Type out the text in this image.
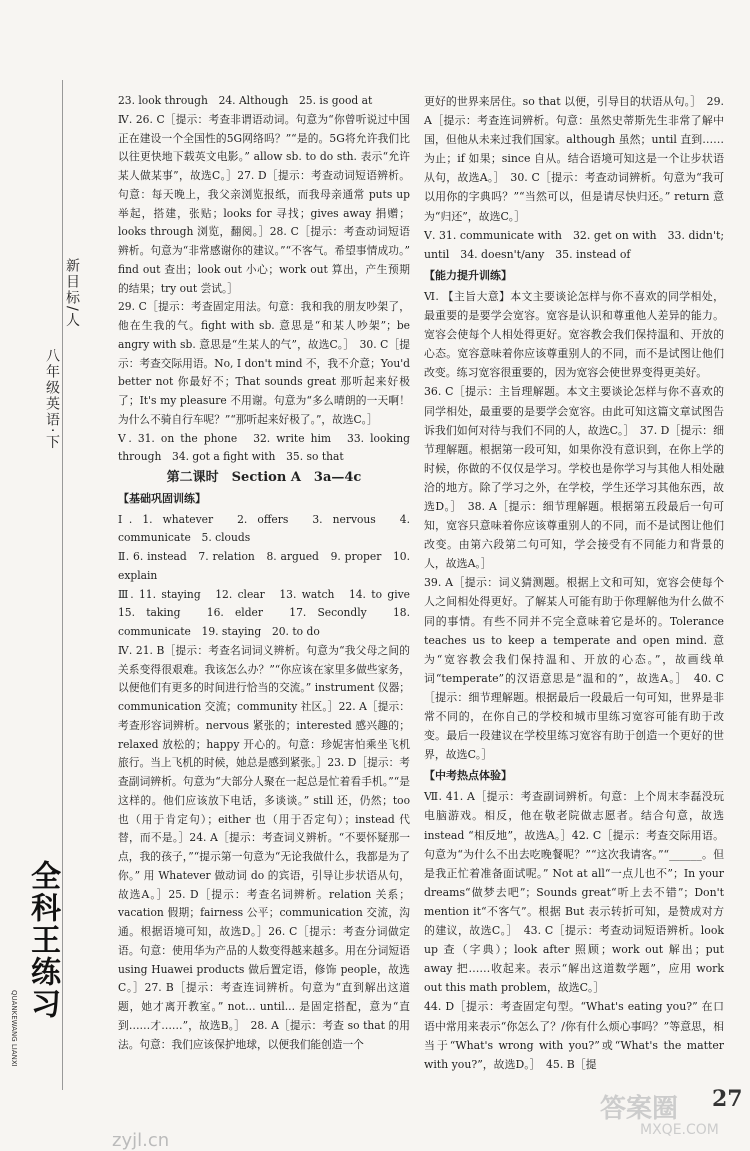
新目标/人
八年级英语·下
全科王练习
QUANKEWANG LIANXI

23. look through　24. Although　25. is good at

Ⅳ. 26. C［提示：考查非谓语动词。句意为“你曾听说过中国正在建设一个全国性的5G网络吗？”“是的。5G将允许我们比以往更快地下载英文电影。” allow sb. to do sth. 表示“允许某人做某事”，故选C。］27. D［提示：考查动词短语辨析。句意：每天晚上，我父亲浏览报纸，而我母亲通常 puts up 举起，搭建，张贴；looks for 寻找；gives away 捐赠；looks through 浏览，翻阅。］28. C［提示：考查动词短语辨析。句意为“非常感谢你的建议。”“不客气。希望事情成功。” find out 查出；look out 小心；work out 算出，产生预期的结果；try out 尝试。］

29. C［提示：考查固定用法。句意：我和我的朋友吵架了，他在生我的气。fight with sb. 意思是“和某人吵架”；be angry with sb. 意思是“生某人的气”，故选C。］　30. C［提示：考查交际用语。No, I don't mind 不，我不介意；You'd better not 你最好不；That sounds great 那听起来好极了；It's my pleasure 不用谢。句意为“多么晴朗的一天啊！为什么不骑自行车呢？”“那听起来好极了。”，故选C。］

Ⅴ. 31. on the phone　32. write him　33. looking through　34. got a fight with　35. so that

第二课时　Section A　3a—4c
【基础巩固训练】

Ⅰ. 1. whatever　2. offers　3. nervous　4. communicate　5. clouds

Ⅱ. 6. instead　7. relation　8. argued　9. proper　10. explain

Ⅲ. 11. staying　12. clear　13. watch　14. to give　15. taking　16. elder　17. Secondly　18. communicate　19. staying　20. to do

Ⅳ. 21. B［提示：考查名词词义辨析。句意为“我父母之间的关系变得很艰难。我该怎么办？”“你应该在家里多做些家务，以便他们有更多的时间进行恰当的交流。” instrument 仪器；communication 交流；community 社区。］22. A［提示：考查形容词辨析。nervous 紧张的；interested 感兴趣的；relaxed 放松的；happy 开心的。句意：珍妮害怕乘坐飞机旅行。当上飞机的时候，她总是感到紧张。］23. D［提示：考查副词辨析。句意为“大部分人聚在一起总是忙着看手机。”“是这样的。他们应该放下电话，多谈谈。” still 还，仍然；too 也（用于肯定句）；either 也（用于否定句）；instead 代替，而不是。］24. A［提示：考查词义辨析。“不要怀疑那一点，我的孩子，”“提示第一句意为“无论我做什么，我都是为了你。” 用 Whatever 做动词 do 的宾语，引导让步状语从句，故选A。］25. D［提示：考查名词辨析。relation 关系；vacation 假期；fairness 公平；communication 交流，沟通。根据语境可知，故选D。］26. C［提示：考查分词做定语。句意：使用华为产品的人数变得越来越多。用在分词短语 using Huawei products 做后置定语，修饰 people，故选C。］27. B［提示：考查连词辨析。句意为“直到解出这道题，她才离开教室。” not... until... 是固定搭配，意为“直到……才……”，故选B。］　28. A［提示：考查 so that 的用法。句意：我们应该保护地球，以便我们能创造一个

更好的世界来居住。so that 以便，引导目的状语从句。］　29. A［提示：考查连词辨析。句意：虽然史蒂斯先生非常了解中国，但他从未来过我们国家。although 虽然；until 直到……为止；if 如果；since 自从。结合语境可知这是一个让步状语从句，故选A。］　30. C［提示：考查动词辨析。句意为“我可以用你的字典吗？”“当然可以，但是请尽快归还。” return 意为“归还”，故选C。］

Ⅴ. 31. communicate with　32. get on with　33. didn't; until　34. doesn't/any　35. instead of

【能力提升训练】

Ⅵ. 【主旨大意】本文主要谈论怎样与你不喜欢的同学相处，最重要的是要学会宽容。宽容是认识和尊重他人差异的能力。宽容会使每个人相处得更好。宽容教会我们保持温和、开放的心态。宽容意味着你应该尊重别人的不同，而不是试图让他们改变。练习宽容很重要的，因为宽容会使世界变得更美好。

36. C［提示：主旨理解题。本文主要谈论怎样与你不喜欢的同学相处，最重要的是要学会宽容。由此可知这篇文章试图告诉我们如何对待与我们不同的人，故选C。］　37. D［提示：细节理解题。根据第一段可知，如果你没有意识到，在你上学的时候，你做的不仅仅是学习。学校也是你学习与其他人相处融洽的地方。除了学习之外，在学校，学生还学习其他东西，故选D。］　38. A［提示：细节理解题。根据第五段最后一句可知，宽容只意味着你应该尊重别人的不同，而不是试图让他们改变。由第六段第二句可知，学会接受有不同能力和背景的人，故选A。］

39. A［提示：词义猜测题。根据上文和可知，宽容会使每个人之间相处得更好。了解某人可能有助于你理解他为什么做不同的事情。有些不同并不完全意味着它是坏的。Tolerance teaches us to keep a temperate and open mind. 意为“宽容教会我们保持温和、开放的心态。”，故画线单词“temperate”的汉语意思是“温和的”，故选A。］　40. C［提示：细节理解题。根据最后一段最后一句可知，世界是非常不同的，在你自己的学校和城市里练习宽容可能有助于改变。最后一段建议在学校里练习宽容有助于创造一个更好的世界，故选C。］

【中考热点体验】

Ⅶ. 41. A［提示：考查副词辨析。句意：上个周末李磊没玩电脑游戏。相反，他在敬老院做志愿者。结合句意，故选 instead “相反地”，故选A。］42. C［提示：考查交际用语。句意为“为什么不出去吃晚餐呢？”“这次我请客。”“______。但是我正忙着准备面试呢。” Not at all“一点儿也不”；In your dreams“做梦去吧”；Sounds great“听上去不错”；Don't mention it“不客气”。根据 But 表示转折可知，是赞成对方的建议，故选C。］　43. C［提示：考查动词短语辨析。look up 查（字典）；look after 照顾；work out 解出；put away 把……收起来。表示“解出这道数学题”，应用 work out this math problem，故选C。］

44. D［提示：考查固定句型。“What's eating you?” 在口语中常用来表示“你怎么了？/你有什么烦心事吗？”等意思，相当于“What's wrong with you?”或“What's the matter with you?”，故选D。］　45. B［提

27
zyjl.cn
答案圈
MXQE.COM
